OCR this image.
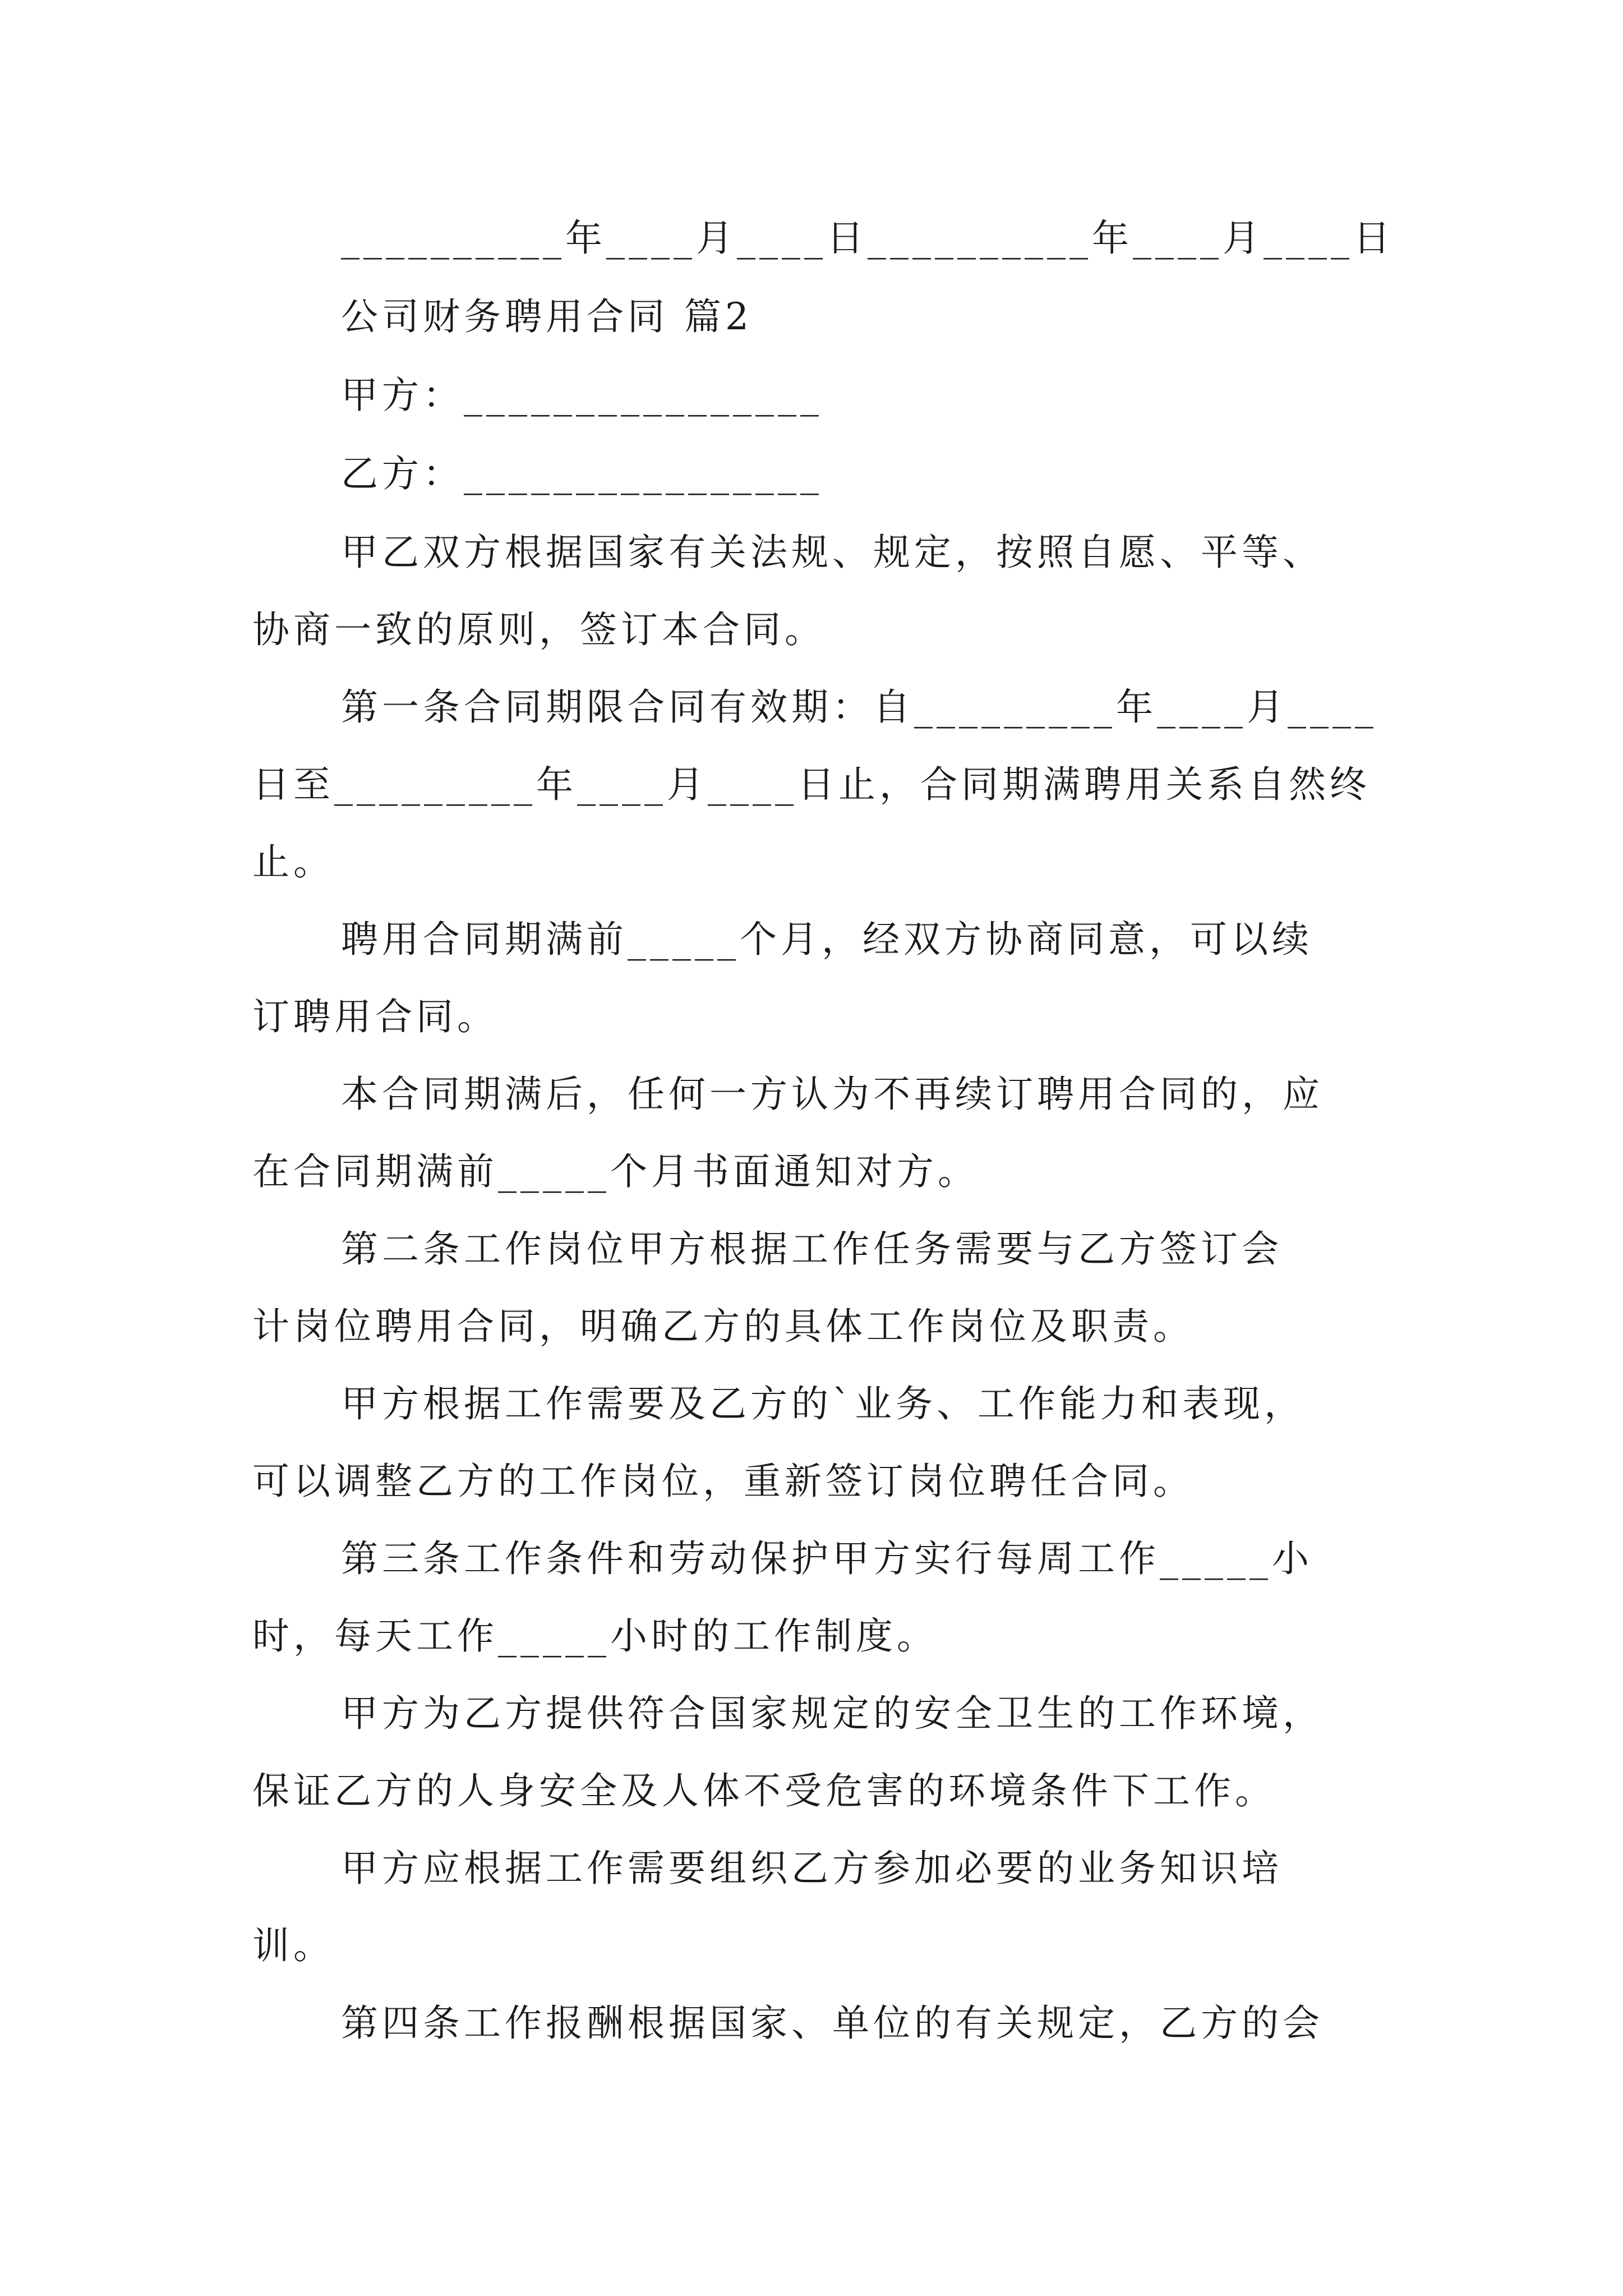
__________年____月____日__________年____月____日
公司财务聘用合同 篇2
甲方：________________
乙方：________________
甲乙双方根据国家有关法规、规定，按照自愿、平等、
协商一致的原则，签订本合同。
第一条合同期限合同有效期：自_________年____月____
日至_________年____月____日止，合同期满聘用关系自然终
止。
聘用合同期满前_____个月，经双方协商同意，可以续
订聘用合同。
本合同期满后，任何一方认为不再续订聘用合同的，应
在合同期满前_____个月书面通知对方。
第二条工作岗位甲方根据工作任务需要与乙方签订会
计岗位聘用合同，明确乙方的具体工作岗位及职责。
甲方根据工作需要及乙方的`业务、工作能力和表现，
可以调整乙方的工作岗位，重新签订岗位聘任合同。
第三条工作条件和劳动保护甲方实行每周工作_____小
时，每天工作_____小时的工作制度。
甲方为乙方提供符合国家规定的安全卫生的工作环境，
保证乙方的人身安全及人体不受危害的环境条件下工作。
甲方应根据工作需要组织乙方参加必要的业务知识培
训。
第四条工作报酬根据国家、单位的有关规定，乙方的会
